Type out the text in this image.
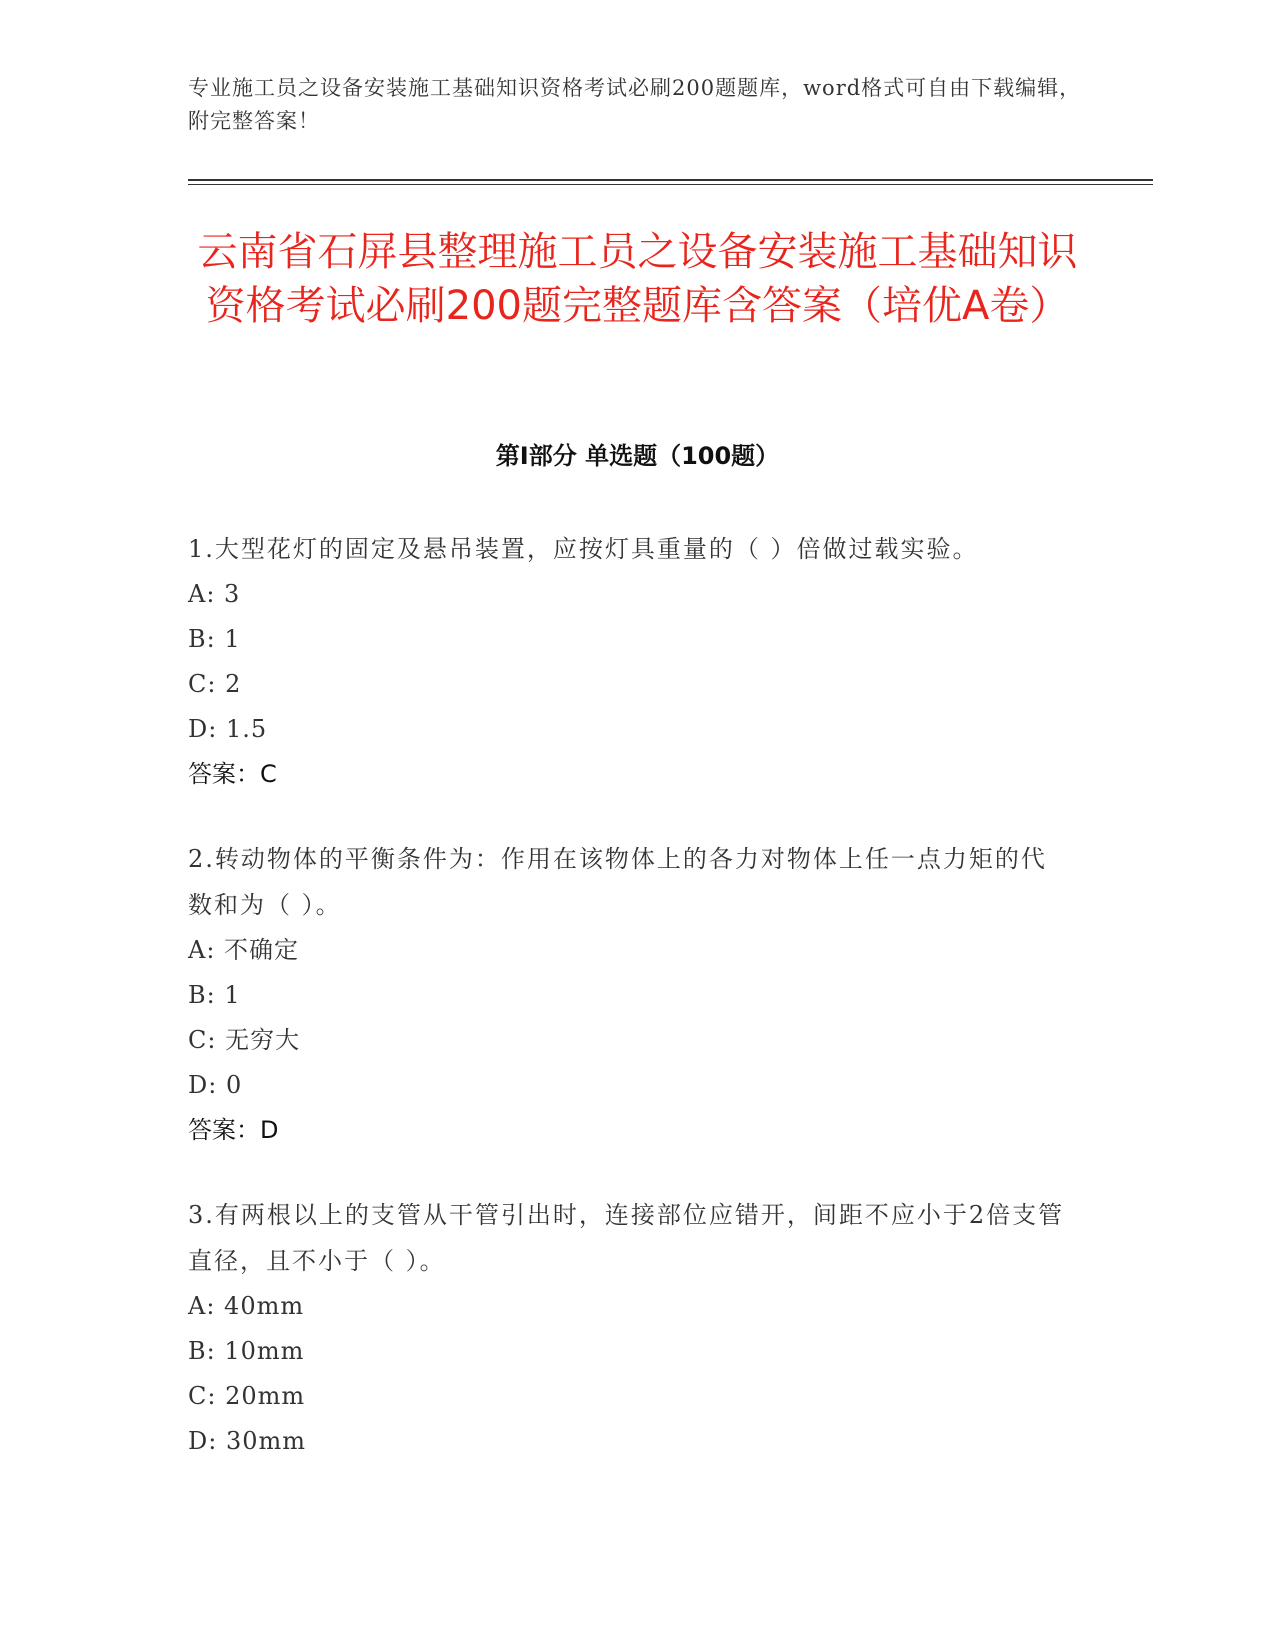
专业施工员之设备安装施工基础知识资格考试必刷200题题库，word格式可自由下载编辑，附完整答案！
云南省石屏县整理施工员之设备安装施工基础知识资格考试必刷200题完整题库含答案（培优A卷）
第I部分 单选题（100题）

1.大型花灯的固定及悬吊装置，应按灯具重量的（ ）倍做过载实验。

A: 3

B: 1

C: 2

D: 1.5

答案：C

2.转动物体的平衡条件为：作用在该物体上的各力对物体上任一点力矩的代数和为（ ）。

A: 不确定

B: 1

C: 无穷大

D: 0

答案：D

3.有两根以上的支管从干管引出时，连接部位应错开，间距不应小于2倍支管直径，且不小于（ ）。

A: 40mm

B: 10mm

C: 20mm

D: 30mm
